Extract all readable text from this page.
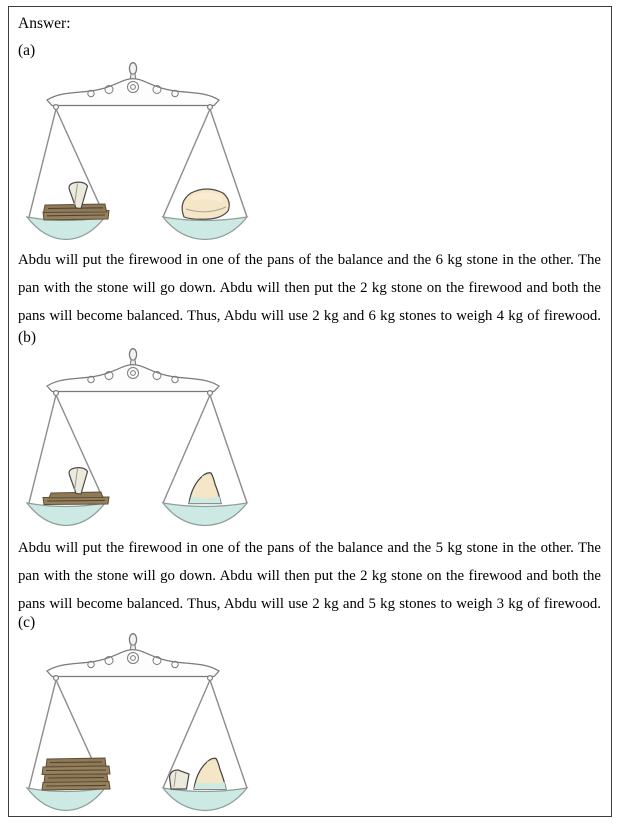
Answer:
(a)
Abdu will put the firewood in one of the pans of the balance and the 6 kg stone in the other. The
pan with the stone will go down. Abdu will then put the 2 kg stone on the firewood and both the
pans will become balanced. Thus, Abdu will use 2 kg and 6 kg stones to weigh 4 kg of firewood.
(b)
Abdu will put the firewood in one of the pans of the balance and the 5 kg stone in the other. The
pan with the stone will go down. Abdu will then put the 2 kg stone on the firewood and both the
pans will become balanced. Thus, Abdu will use 2 kg and 5 kg stones to weigh 3 kg of firewood.
(c)
